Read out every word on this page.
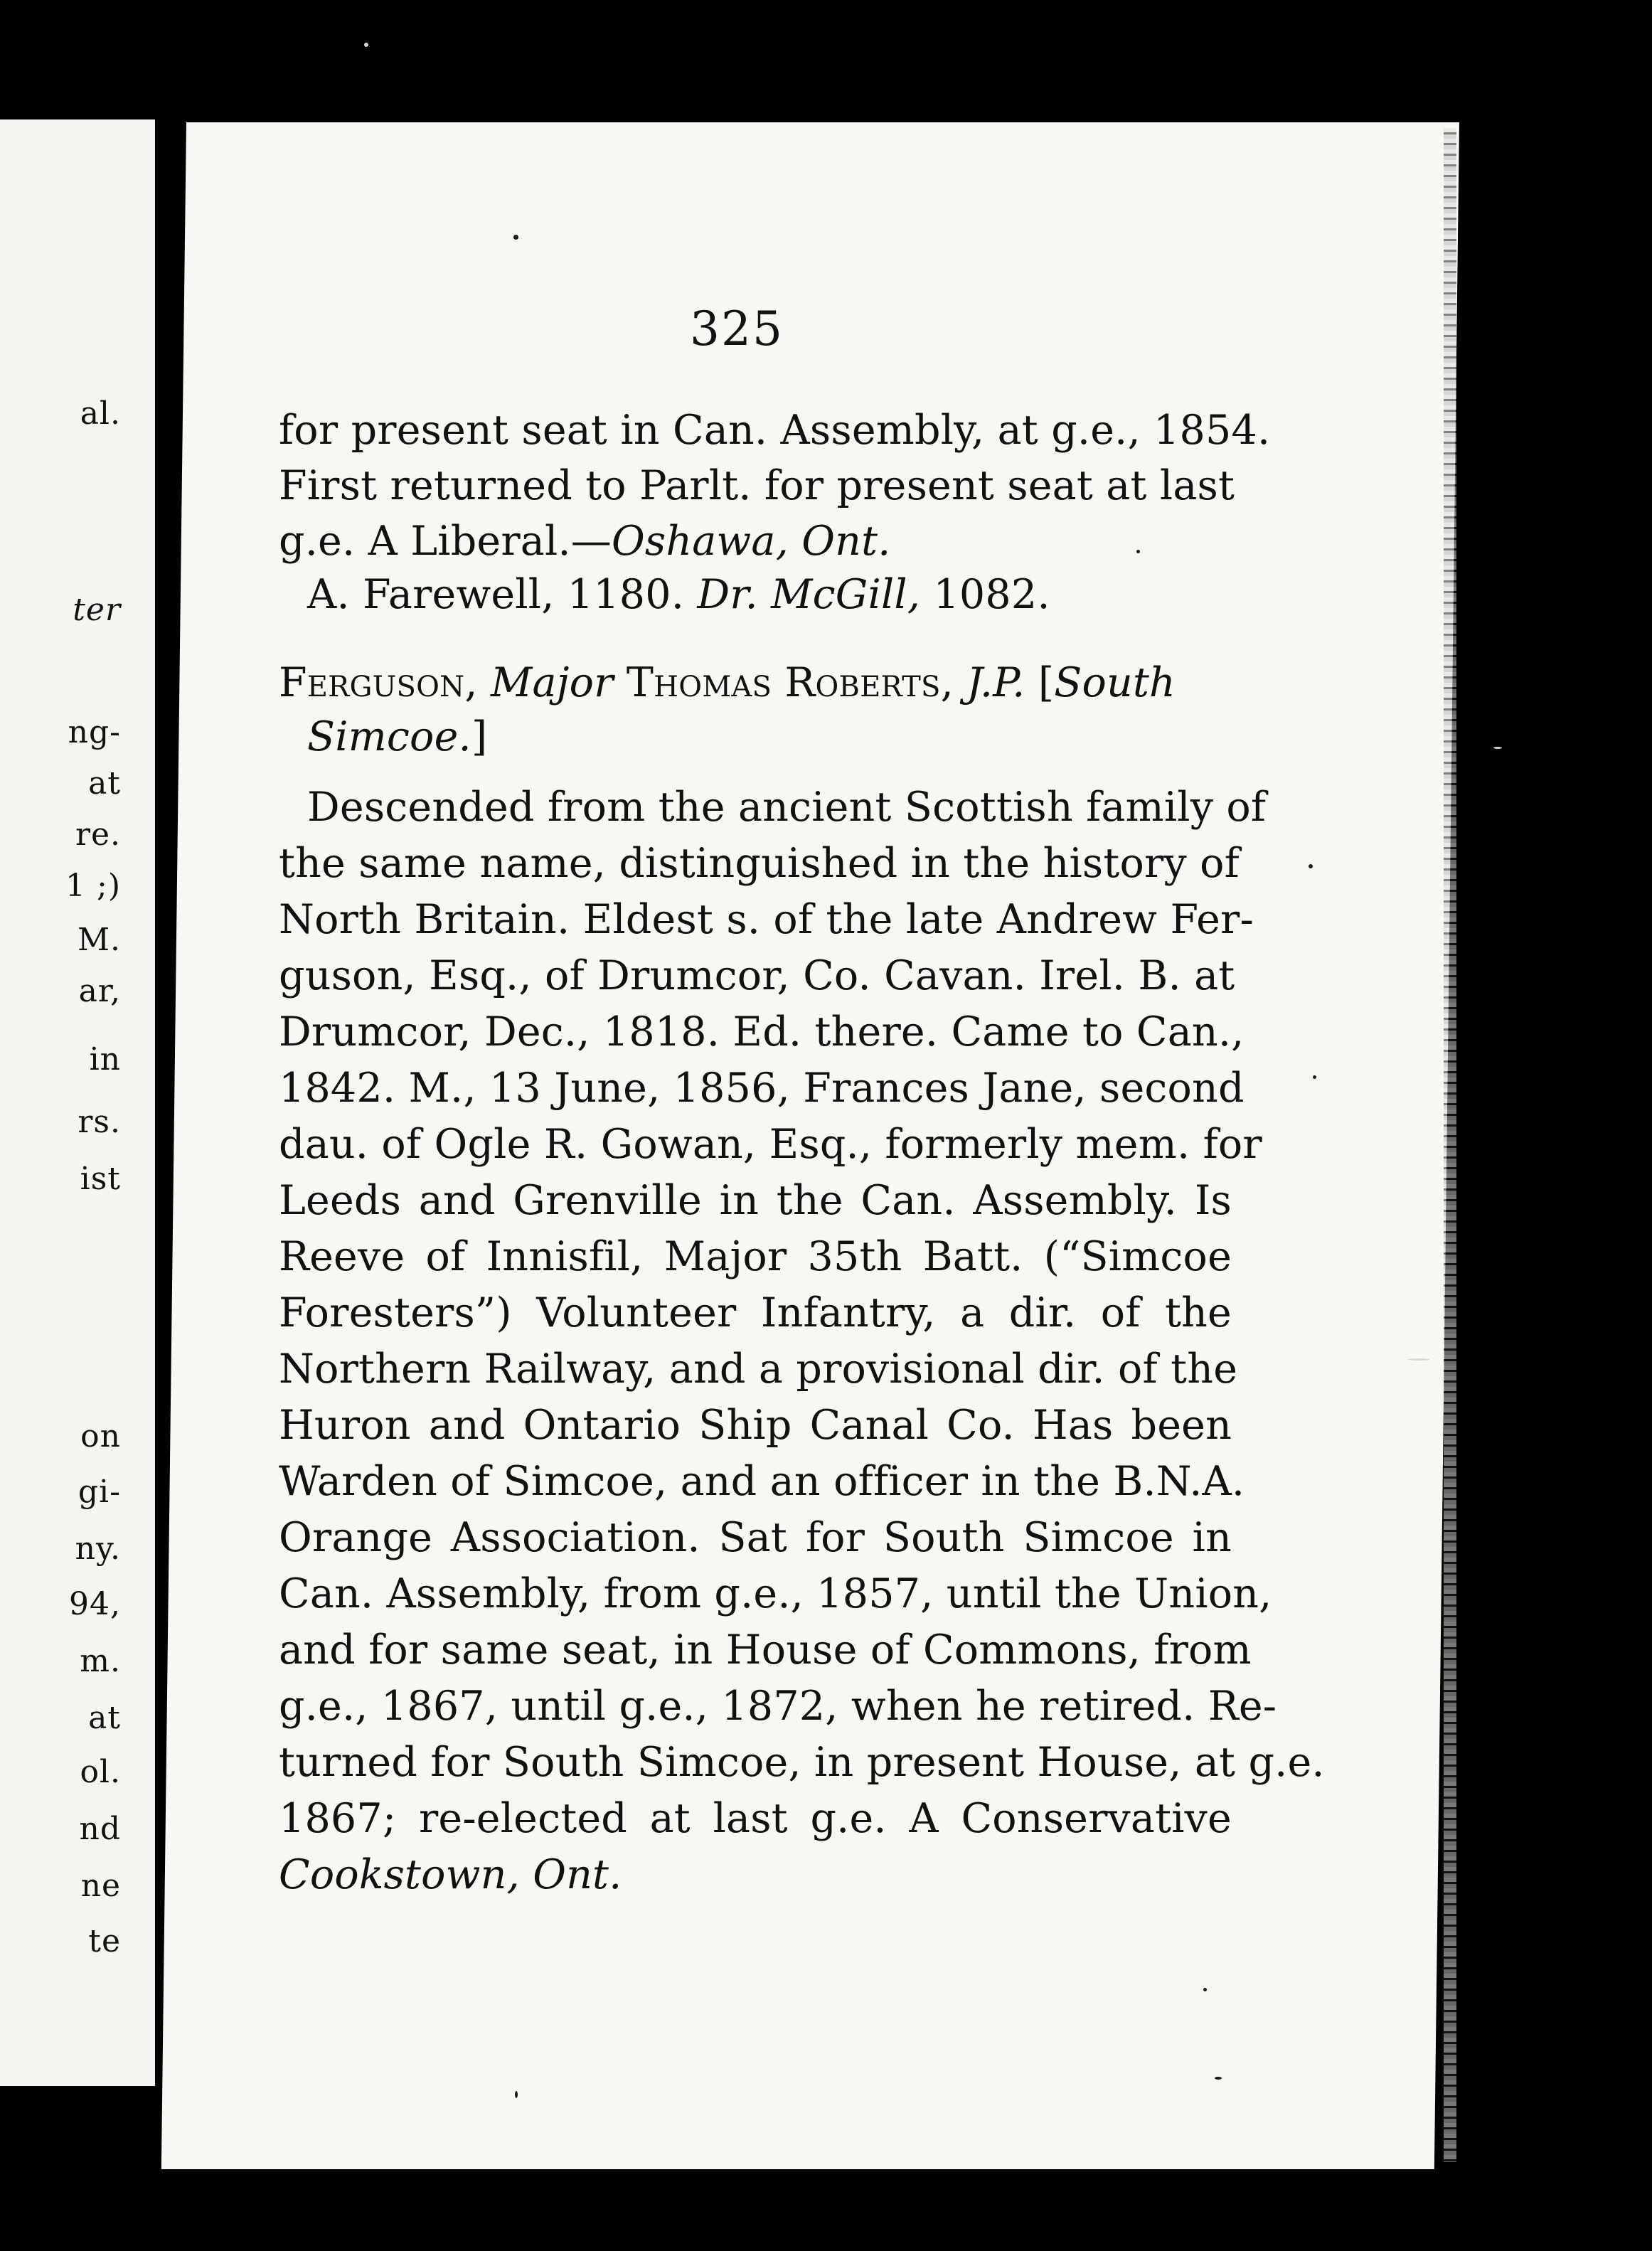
al.
ter
ng-
at
re.
1 ;)
M.
ar,
in
rs.
ist
on
gi-
ny.
94,
m.
at
ol.
nd
ne
te
325
for present seat in Can. Assembly, at g.e., 1854.
First returned to Parlt. for present seat at last
g.e. A Liberal.—Oshawa, Ont.
A. Farewell, 1180. Dr. McGill, 1082.
Ferguson, Major Thomas Roberts, J.P. [South
Simcoe.]
Descended from the ancient Scottish family of
the same name, distinguished in the history of
North Britain. Eldest s. of the late Andrew Fer-
guson, Esq., of Drumcor, Co. Cavan. Irel. B. at
Drumcor, Dec., 1818. Ed. there. Came to Can.,
1842. M., 13 June, 1856, Frances Jane, second
dau. of Ogle R. Gowan, Esq., formerly mem. for
Leeds and Grenville in the Can. Assembly. Is
Reeve of Innisfil, Major 35th Batt. (“Simcoe
Foresters”) Volunteer Infantry, a dir. of the
Northern Railway, and a provisional dir. of the
Huron and Ontario Ship Canal Co. Has been
Warden of Simcoe, and an officer in the B.N.A.
Orange Association. Sat for South Simcoe in
Can. Assembly, from g.e., 1857, until the Union,
and for same seat, in House of Commons, from
g.e., 1867, until g.e., 1872, when he retired. Re-
turned for South Simcoe, in present House, at g.e.
1867; re-elected at last g.e. A Conservative
Cookstown, Ont.
